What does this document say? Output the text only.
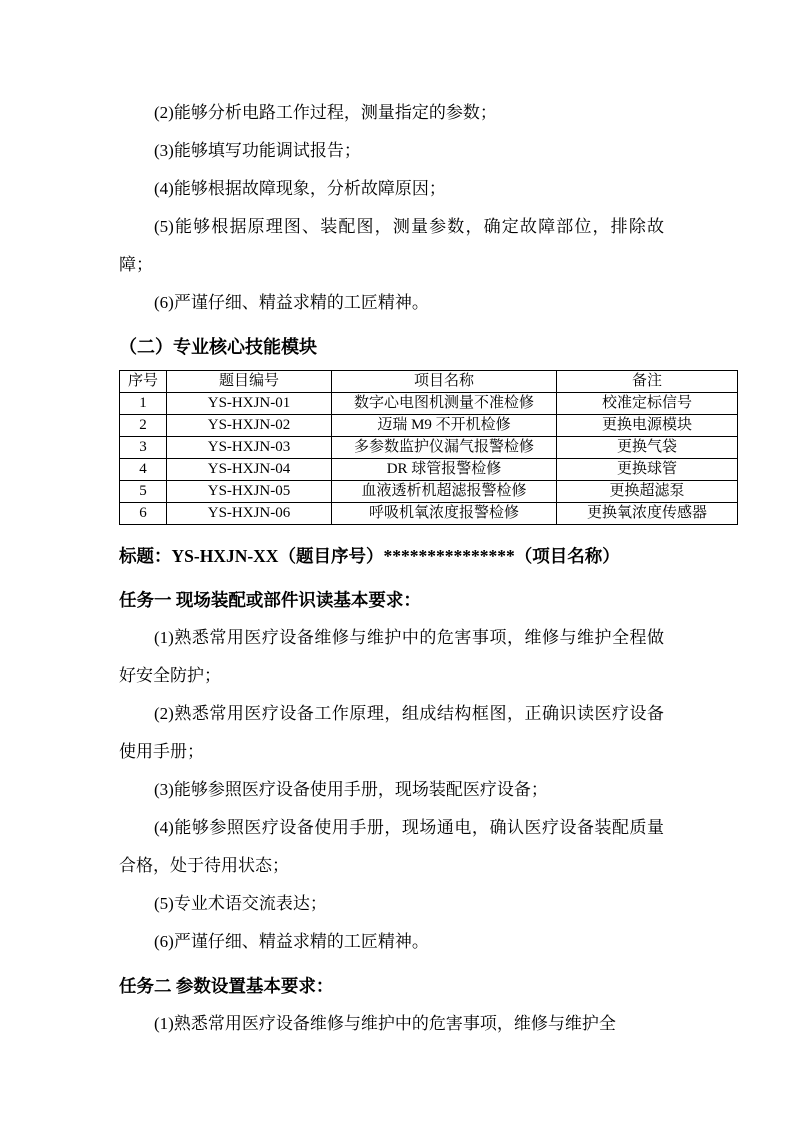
(2)能够分析电路工作过程，测量指定的参数；

(3)能够填写功能调试报告；

(4)能够根据故障现象，分析故障原因；

(5)能够根据原理图、装配图，测量参数，确定故障部位，排除故障；

(6)严谨仔细、精益求精的工匠精神。

（二）专业核心技能模块

序号	题目编号	项目名称	备注
1	YS-HXJN-01	数字心电图机测量不准检修	校准定标信号
2	YS-HXJN-02	迈瑞 M9 不开机检修	更换电源模块
3	YS-HXJN-03	多参数监护仪漏气报警检修	更换气袋
4	YS-HXJN-04	DR 球管报警检修	更换球管
5	YS-HXJN-05	血液透析机超滤报警检修	更换超滤泵
6	YS-HXJN-06	呼吸机氧浓度报警检修	更换氧浓度传感器

标题：YS-HXJN-XX（题目序号）***************（项目名称）

任务一 现场装配或部件识读基本要求：

(1)熟悉常用医疗设备维修与维护中的危害事项，维修与维护全程做好安全防护；

(2)熟悉常用医疗设备工作原理，组成结构框图，正确识读医疗设备使用手册；

(3)能够参照医疗设备使用手册，现场装配医疗设备；

(4)能够参照医疗设备使用手册，现场通电，确认医疗设备装配质量合格，处于待用状态；

(5)专业术语交流表达；

(6)严谨仔细、精益求精的工匠精神。

任务二 参数设置基本要求：

(1)熟悉常用医疗设备维修与维护中的危害事项，维修与维护全
